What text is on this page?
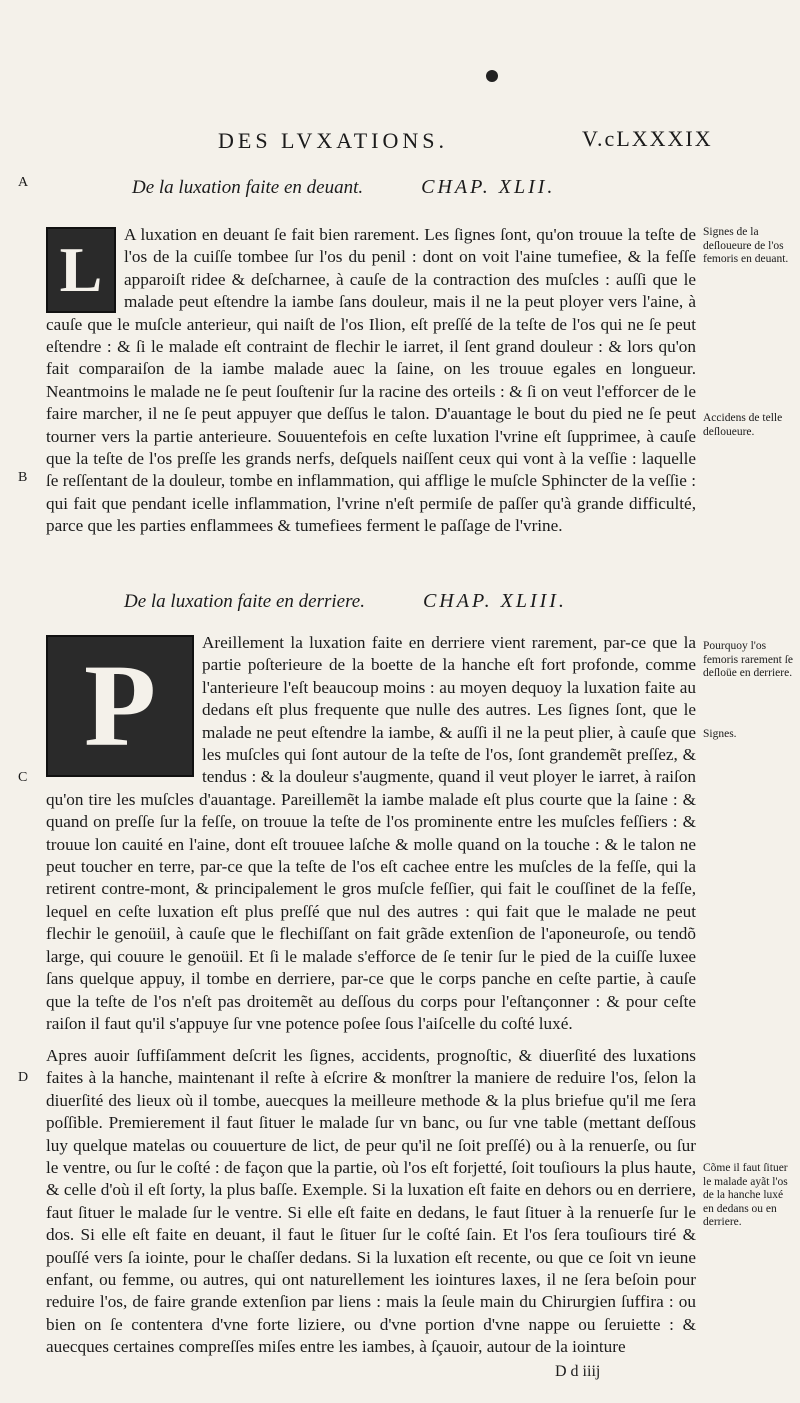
DES LVXATIONS.	V.cLXXXIX
A
B
C
D
De la luxation faite en deuant.	CHAP. XLII.

L	A luxation en deuant ſe fait bien rarement. Les ſignes ſont, qu'on trouue la teſte de l'os de la cuiſſe tombee ſur l'os du penil : dont on voit l'aine tumefiee, & la feſſe apparoiſt ridee & deſcharnee, à cauſe de la contraction des muſcles : auſſi que le malade peut eſtendre la iambe ſans douleur, mais il ne la peut ployer vers l'aine, à cauſe que le muſcle anterieur, qui naiſt de l'os Ilion, eſt preſſé de la teſte de l'os qui ne ſe peut eſtendre : & ſi le malade eſt contraint de flechir le iarret, il ſent grand douleur : & lors qu'on fait comparaiſon de la iambe malade auec la ſaine, on les trouue egales en longueur. Neantmoins le malade ne ſe peut ſouſtenir ſur la racine des orteils : & ſi on veut l'efforcer de le faire marcher, il ne ſe peut appuyer que deſſus le talon. D'auantage le bout du pied ne ſe peut tourner vers la partie anterieure. Souuentefois en ceſte luxation l'vrine eſt ſupprimee, à cauſe que la teſte de l'os preſſe les grands nerfs, deſquels naiſſent ceux qui vont à la veſſie : laquelle ſe reſſentant de la douleur, tombe en inflammation, qui afflige le muſcle Sphincter de la veſſie : qui fait que pendant icelle inflammation, l'vrine n'eſt permiſe de paſſer qu'à grande difficulté, parce que les parties enflammees & tumefiees ferment le paſſage de l'vrine.

De la luxation faite en derriere.	CHAP. XLIII.

P	Areillement la luxation faite en derriere vient rarement, par-ce que la partie poſterieure de la boette de la hanche eſt fort profonde, comme l'anterieure l'eſt beaucoup moins : au moyen dequoy la luxation faite au dedans eſt plus frequente que nulle des autres. Les ſignes ſont, que le malade ne peut eſtendre la iambe, & auſſi il ne la peut plier, à cauſe que les muſcles qui ſont autour de la teſte de l'os, ſont grandemẽt preſſez, & tendus : & la douleur s'augmente, quand il veut ployer le iarret, à raiſon qu'on tire les muſcles d'auantage. Pareillemẽt la iambe malade eſt plus courte que la ſaine : & quand on preſſe ſur la feſſe, on trouue la teſte de l'os prominente entre les muſcles feſſiers : & trouue lon cauité en l'aine, dont eſt trouuee laſche & molle quand on la touche : & le talon ne peut toucher en terre, par-ce que la teſte de l'os eſt cachee entre les muſcles de la feſſe, qui la retirent contre-mont, & principalement le gros muſcle feſſier, qui fait le couſſinet de la feſſe, lequel en ceſte luxation eſt plus preſſé que nul des autres : qui fait que le malade ne peut flechir le genoüil, à cauſe que le flechiſſant on fait grãde extenſion de l'aponeuroſe, ou tendõ large, qui couure le genoüil. Et ſi le malade s'efforce de ſe tenir ſur le pied de la cuiſſe luxee ſans quelque appuy, il tombe en derriere, par-ce que le corps panche en ceſte partie, à cauſe que la teſte de l'os n'eſt pas droitemẽt au deſſous du corps pour l'eſtançonner : & pour ceſte raiſon il faut qu'il s'appuye ſur vne potence poſee ſous l'aiſcelle du coſté luxé.

Apres auoir ſuffiſamment deſcrit les ſignes, accidents, prognoſtic, & diuerſité des luxations faites à la hanche, maintenant il reſte à eſcrire & monſtrer la maniere de reduire l'os, ſelon la diuerſité des lieux où il tombe, auecques la meilleure methode & la plus briefue qu'il me ſera poſſible. Premierement il faut ſituer le malade ſur vn banc, ou ſur vne table (mettant deſſous luy quelque matelas ou couuerture de lict, de peur qu'il ne ſoit preſſé) ou à la renuerſe, ou ſur le ventre, ou ſur le coſté : de façon que la partie, où l'os eſt forjetté, ſoit touſiours la plus haute, & celle d'où il eſt ſorty, la plus baſſe. Exemple. Si la luxation eſt faite en dehors ou en derriere, faut ſituer le malade ſur le ventre. Si elle eſt faite en dedans, le faut ſituer à la renuerſe ſur le dos. Si elle eſt faite en deuant, il faut le ſituer ſur le coſté ſain. Et l'os ſera touſiours tiré & pouſſé vers ſa iointe, pour le chaſſer dedans. Si la luxation eſt recente, ou que ce ſoit vn ieune enfant, ou femme, ou autres, qui ont naturellement les iointures laxes, il ne ſera beſoin pour reduire l'os, de faire grande extenſion par liens : mais la ſeule main du Chirurgien ſuffira : ou bien on ſe contentera d'vne forte liziere, ou d'vne portion d'vne nappe ou ſeruiette : & auecques certaines compreſſes miſes entre les iambes, à ſçauoir, autour de la iointure

Signes de la deſloueure de l'os femoris en deuant.
Accidens de telle deſloueure.
Pourquoy l'os femoris rarement ſe deſloüe en derriere.
Signes.
Cõme il faut ſituer le malade ayãt l'os de la hanche luxé en dedans ou en derriere.
D d iiij
